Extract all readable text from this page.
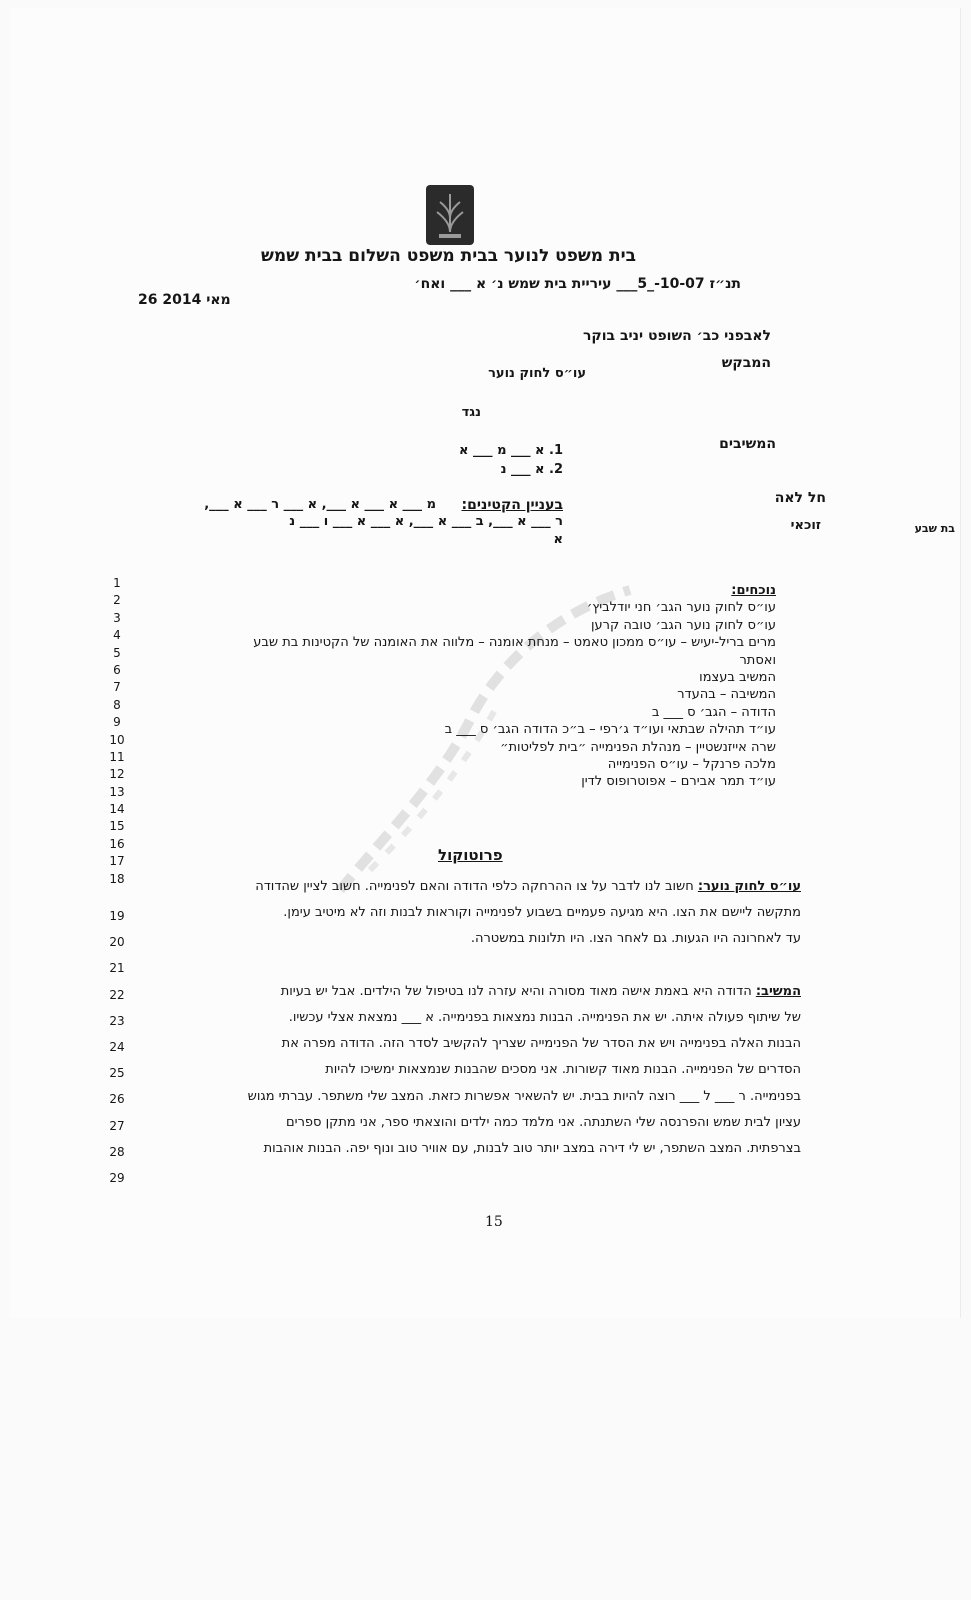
בית משפט לנוער בבית משפט השלום בבית שמש
תנ״ז 10-07-_5___ עיריית בית שמש נ׳ א ___ ואח׳
26 מאי 2014
לאבפני כב׳ השופט יניב בוקר
המבקש
עו״ס לחוק נוער
נגד
המשיבים
1. א ___ מ ___ א
2. א ___ נ
בעניין הקטינים:
מ ___ א ___ א ___, א ___ ר ___ א ___,
ר ___ א ___, ב ___ א ___, א ___ א ___ ו ___ נ
א
חל לאה
זוכאי	בת שבע
1
2
3
4
5
6
7
8
9
10
11
12
13
14
15
16
17
18
נוכחים:
עו״ס לחוק נוער הגב׳ חני יודלביץ׳
עו״ס לחוק נוער הגב׳ טובה קרען
מרים בריל-יעיש – עו״ס ממכון טאמט – מנחת אומנה – מלווה את האומנה של הקטינות בת שבע
ואסתר
המשיב בעצמו
המשיבה – בהעדר
הדודה – הגב׳ ס ___ ב
עו״ד תהילה שבתאי ועו״ד ג׳רפי – ב״כ הדודה הגב׳ ס ___ ב
שרה אייזנשטיין – מנהלת הפנימייה ״בית לפליטות״
מלכה פרנקל – עו״ס הפנימייה
עו״ד תמר אבירם – אפוטרופוס לדין
פרוטוקול
19
20
21
22
23
24
25
26
27
28
29
עו״ס לחוק נוער: חשוב לנו לדבר על צו ההרחקה כלפי הדודה והאם לפנימייה. חשוב לציין שהדודה
מתקשה ליישם את הצו. היא מגיעה פעמיים בשבוע לפנימייה וקוראות לבנות וזה לא מיטיב עימן.
עד לאחרונה היו הגעות. גם לאחר הצו. היו תלונות במשטרה.

המשיב: הדודה היא באמת אישה מאוד מסורה והיא עזרה לנו בטיפול של הילדים. אבל יש בעיות
של שיתוף פעולה איתה. יש את הפנימייה. הבנות נמצאות בפנימייה. א ___ נמצאת אצלי עכשיו.
הבנות האלה בפנימייה ויש את הסדר של הפנימייה שצריך להקשיב לסדר הזה. הדודה מפרה את
הסדרים של הפנימייה. הבנות מאוד קשורות. אני מסכים שהבנות שנמצאות ימשיכו להיות
בפנימייה. ר ___ ל ___ רוצה להיות בבית. יש להשאיר אפשרות כזאת. המצב שלי משתפר. עברתי מגוש
עציון לבית שמש והפרנסה שלי השתנתה. אני מלמד כמה ילדים והוצאתי ספר, אני מתקן ספרים
בצרפתית. המצב השתפר, יש לי דירה במצב יותר טוב לבנות, עם אוויר טוב ונוף יפה. הבנות אוהבות
15
